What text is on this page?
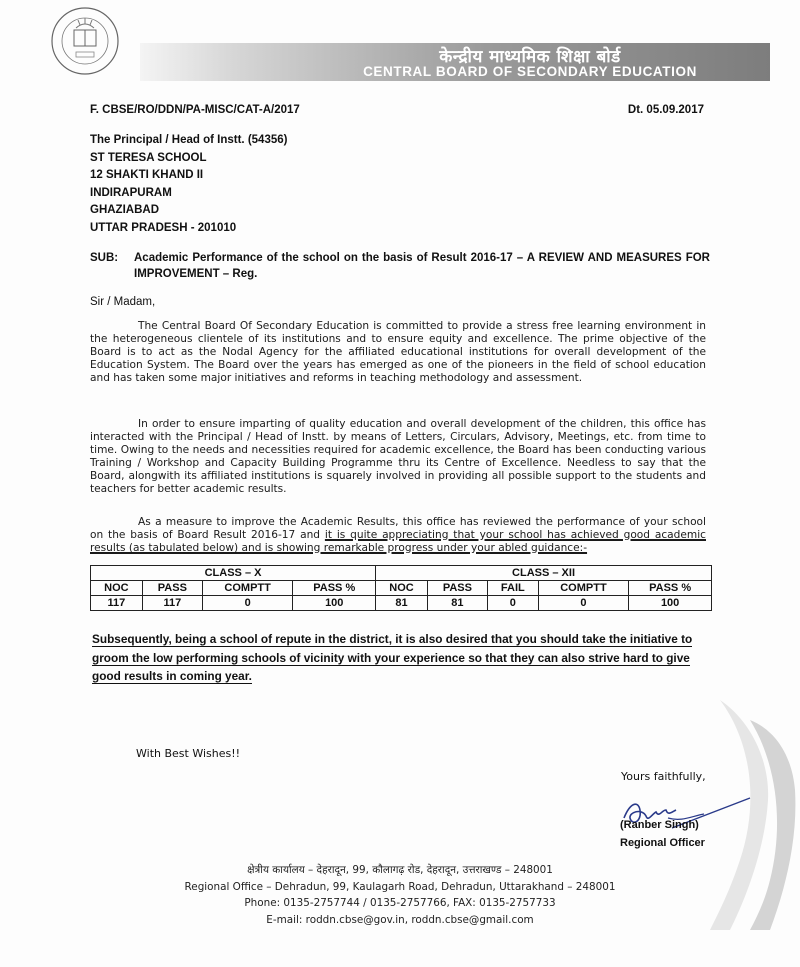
केन्द्रीय माध्यमिक शिक्षा बोर्ड
CENTRAL BOARD OF SECONDARY EDUCATION
F. CBSE/RO/DDN/PA-MISC/CAT-A/2017	Dt. 05.09.2017
The Principal / Head of Instt. (54356)
ST TERESA SCHOOL
12 SHAKTI KHAND II
INDIRAPURAM
GHAZIABAD
UTTAR PRADESH - 201010
SUB: Academic Performance of the school on the basis of Result 2016-17 – A REVIEW AND MEASURES FOR IMPROVEMENT – Reg.
Sir / Madam,
The Central Board Of Secondary Education is committed to provide a stress free learning environment in the heterogeneous clientele of its institutions and to ensure equity and excellence. The prime objective of the Board is to act as the Nodal Agency for the affiliated educational institutions for overall development of the Education System. The Board over the years has emerged as one of the pioneers in the field of school education and has taken some major initiatives and reforms in teaching methodology and assessment.
In order to ensure imparting of quality education and overall development of the children, this office has interacted with the Principal / Head of Instt. by means of Letters, Circulars, Advisory, Meetings, etc. from time to time. Owing to the needs and necessities required for academic excellence, the Board has been conducting various Training / Workshop and Capacity Building Programme thru its Centre of Excellence. Needless to say that the Board, alongwith its affiliated institutions is squarely involved in providing all possible support to the students and teachers for better academic results.
As a measure to improve the Academic Results, this office has reviewed the performance of your school on the basis of Board Result 2016-17 and it is quite appreciating that your school has achieved good academic results (as tabulated below) and is showing remarkable progress under your abled guidance:-
CLASS – X				CLASS – XII				
NOC	PASS	COMPTT	PASS %	NOC	PASS	FAIL	COMPTT	PASS %
117	117	0	100	81	81	0	0	100
Subsequently, being a school of repute in the district, it is also desired that you should take the initiative to groom the low performing schools of vicinity with your experience so that they can also strive hard to give good results in coming year.
With Best Wishes!!
Yours faithfully,
(Ranber Singh)
Regional Officer
क्षेत्रीय कार्यालय – देहरादून, 99, कौलागढ़ रोड, देहरादून, उत्तराखण्ड – 248001
Regional Office – Dehradun, 99, Kaulagarh Road, Dehradun, Uttarakhand – 248001
Phone: 0135-2757744 / 0135-2757766, FAX: 0135-2757733
E-mail: roddn.cbse@gov.in, roddn.cbse@gmail.com
